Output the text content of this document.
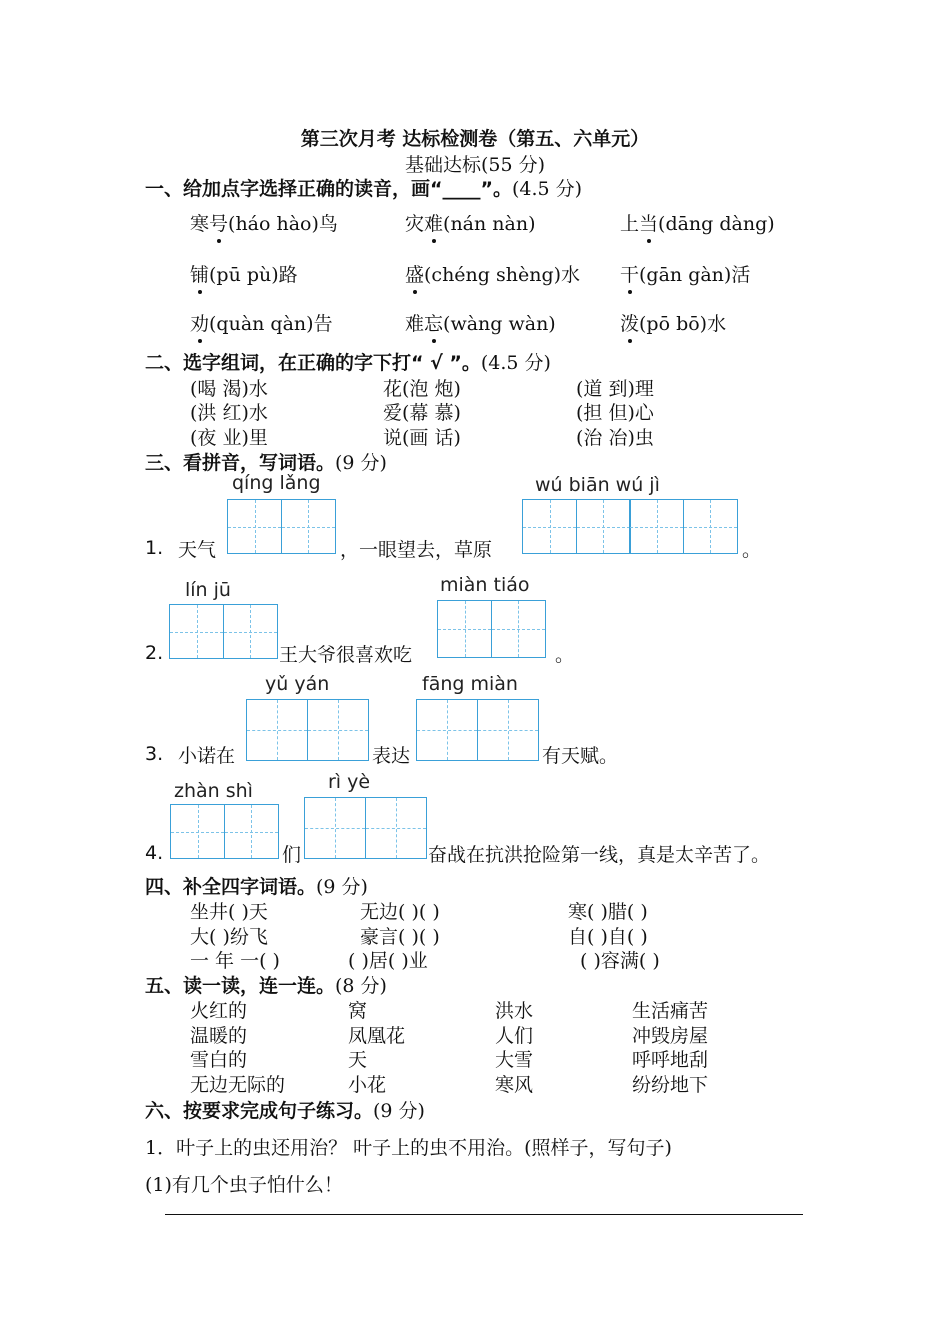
第三次月考 达标检测卷（第五、六单元）
基础达标(55 分)
一、给加点字选择正确的读音，画“____”。(4.5 分)
寒号(háo hào)鸟	灾难(nán nàn)	上当(dāng dàng)
铺(pū pù)路	盛(chéng shèng)水 干(gān gàn)活
劝(quàn qàn)告	难忘(wàng wàn)	泼(pō bō)水
二、选字组词，在正确的字下打“ √ ”。(4.5 分)
(喝 渴)水	花(泡 炮)	(道 到)理
(洪 红)水	爱(幕 慕)	(担 但)心
(夜 业)里	说(画 话)	(治 冶)虫
三、看拼音，写词语。(9 分)
qíng lǎng	wú biān wú jì
1. 天气	，一眼望去，草原	。
lín jū	miàn tiáo
2.	王大爷很喜欢吃	。
yǔ yán	fāng miàn
3. 小诺在	表达	有天赋。
zhàn shì	rì yè
4.	们	奋战在抗洪抢险第一线，真是太辛苦了。
四、补全四字词语。(9 分)
坐井( )天	无边( )( )	寒( )腊( )
大( )纷飞	豪言( )( )	自( )自( )
一 年 一( )	( )居( )业	( )容满( )
五、读一读，连一连。(8 分)
火红的	窝	洪水	生活痛苦
温暖的	凤凰花	人们	冲毁房屋
雪白的	天	大雪	呼呼地刮
无边无际的	小花	寒风	纷纷地下
六、按要求完成句子练习。(9 分)
1．叶子上的虫还用治？ 叶子上的虫不用治。(照样子，写句子)
(1)有几个虫子怕什么！
